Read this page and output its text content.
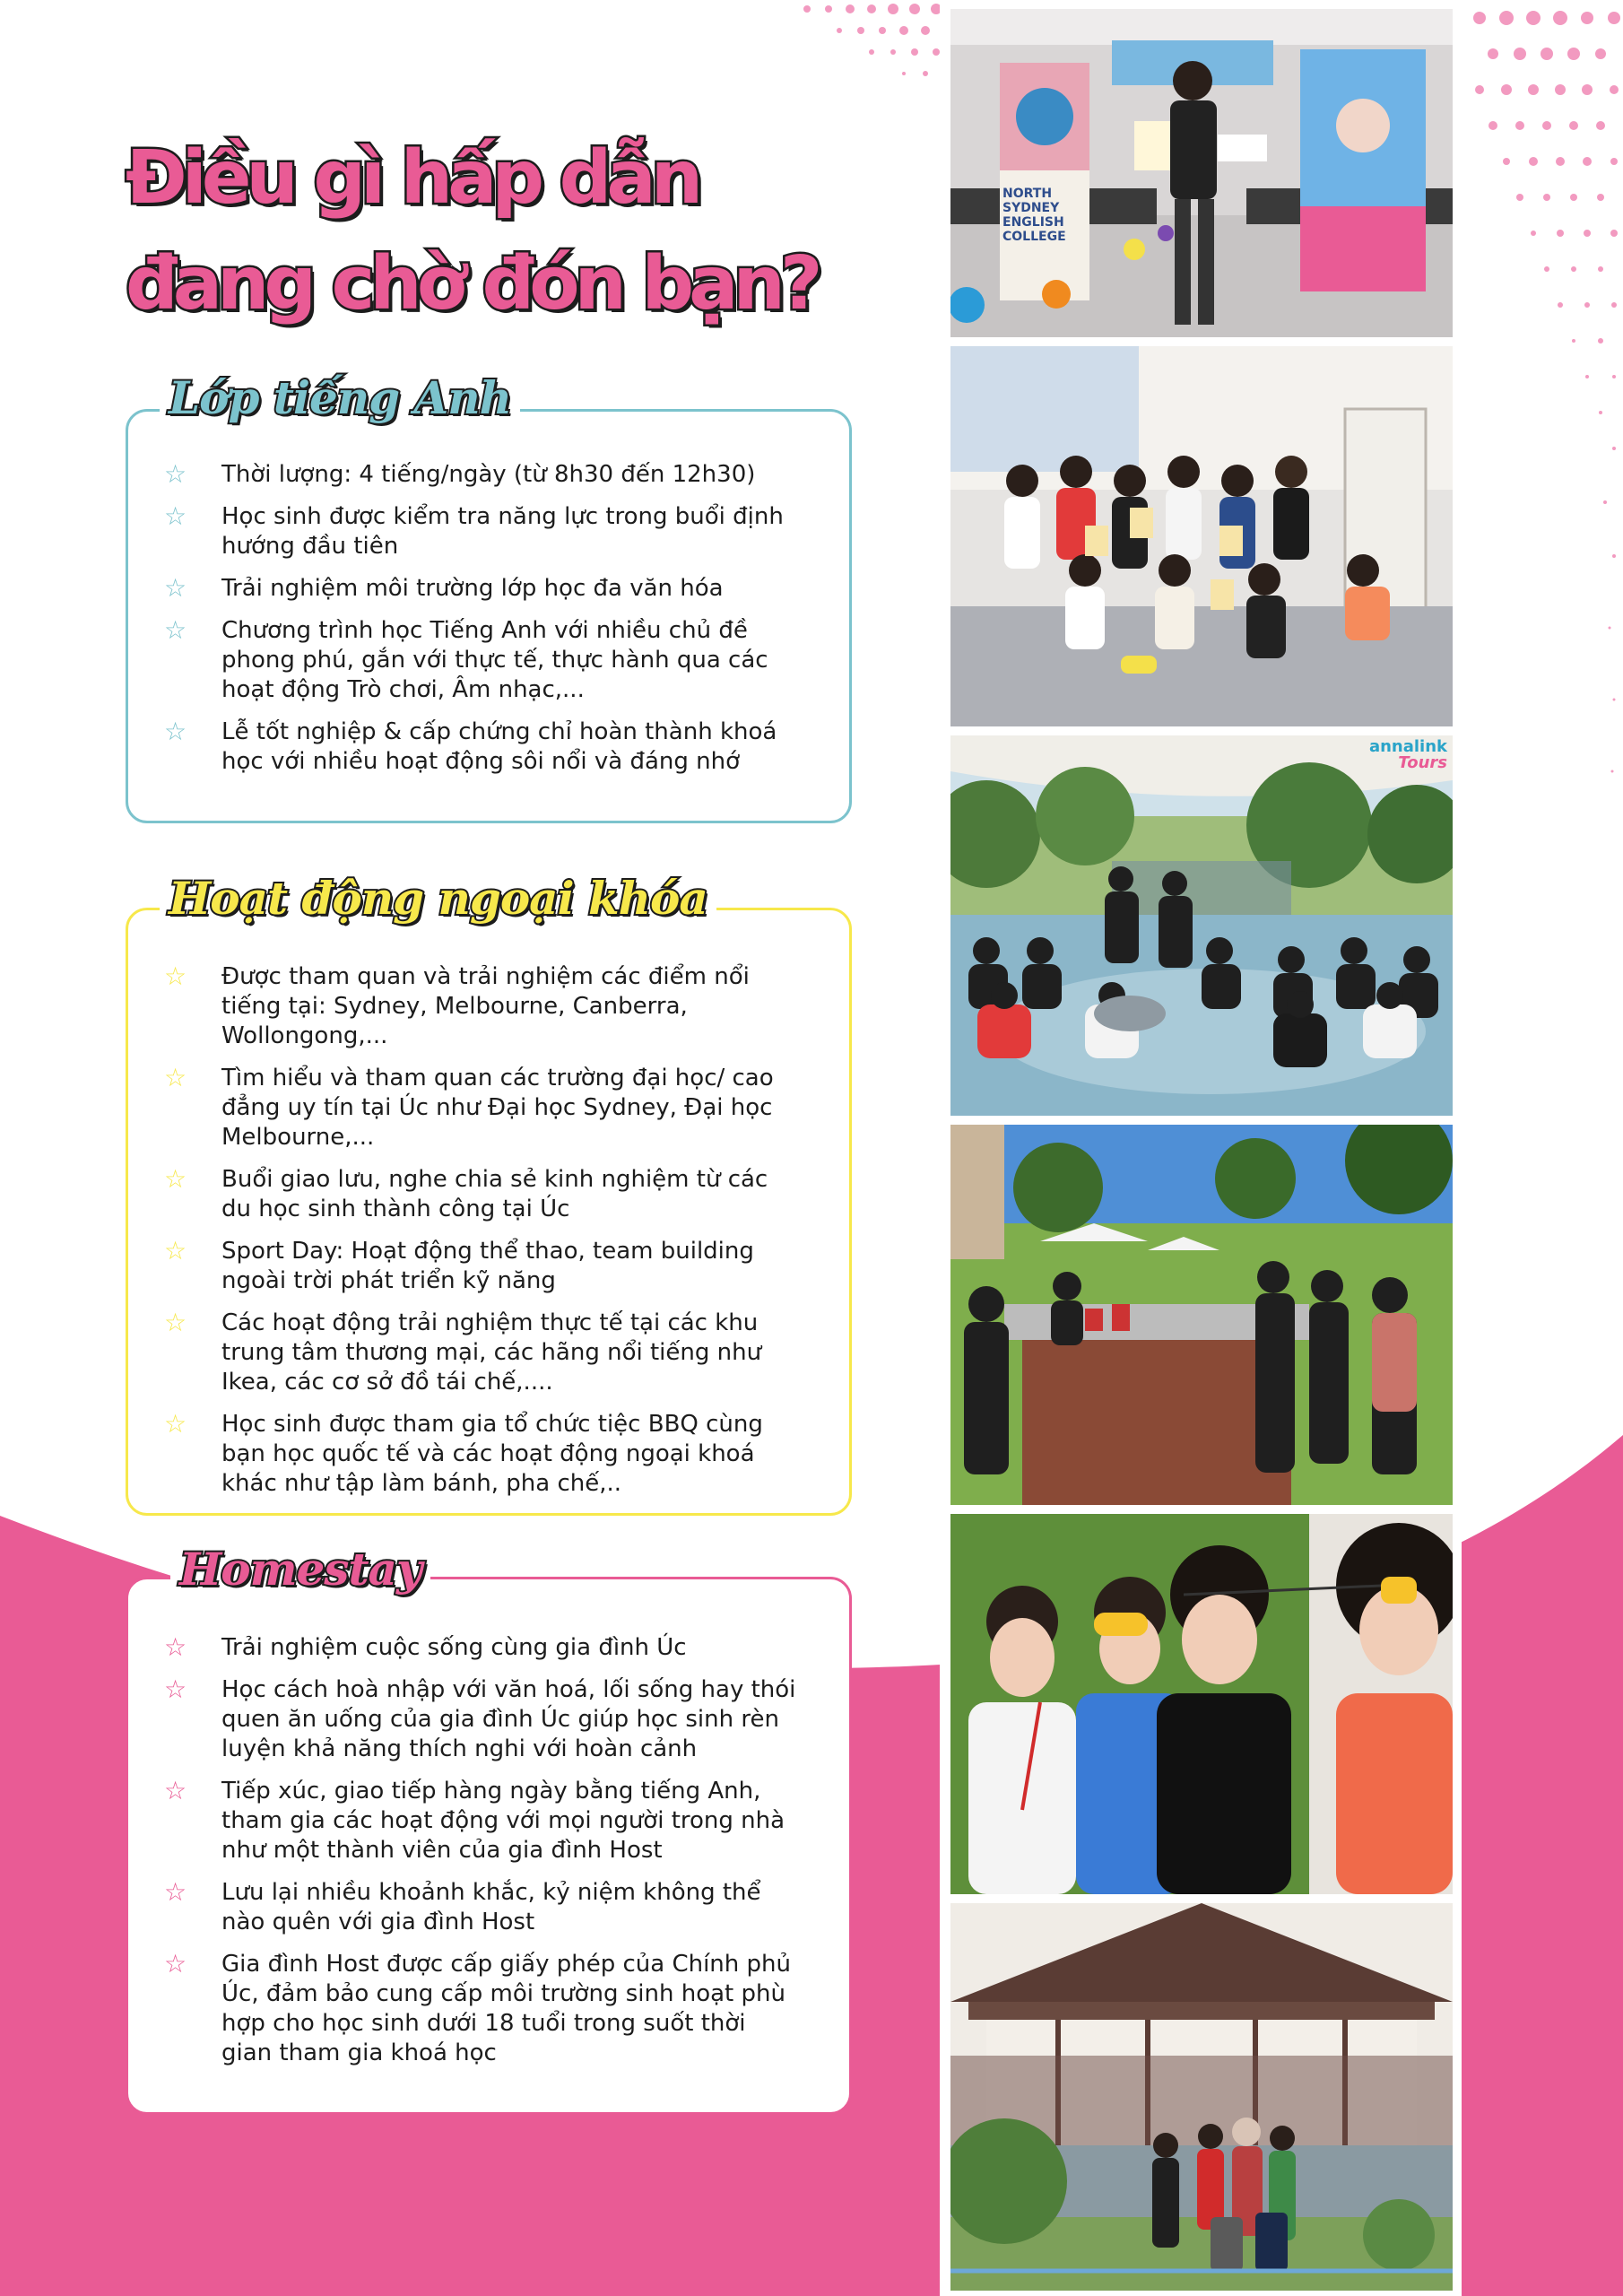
Điều gì hấp dẫn
đang chờ đón bạn?
Lớp tiếng Anh
☆ Thời lượng: 4 tiếng/ngày (từ 8h30 đến 12h30)
☆ Học sinh được kiểm tra năng lực trong buổi định hướng đầu tiên
☆ Trải nghiệm môi trường lớp học đa văn hóa
☆ Chương trình học Tiếng Anh với nhiều chủ đề phong phú, gắn với thực tế, thực hành qua các hoạt động Trò chơi, Âm nhạc,...
☆ Lễ tốt nghiệp & cấp chứng chỉ hoàn thành khoá học với nhiều hoạt động sôi nổi và đáng nhớ
Hoạt động ngoại khóa
☆ Được tham quan và trải nghiệm các điểm nổi tiếng tại: Sydney, Melbourne, Canberra, Wollongong,...
☆ Tìm hiểu và tham quan các trường đại học/ cao đẳng uy tín tại Úc như Đại học Sydney, Đại học Melbourne,...
☆ Buổi giao lưu, nghe chia sẻ kinh nghiệm từ các du học sinh thành công tại Úc
☆ Sport Day: Hoạt động thể thao, team building ngoài trời phát triển kỹ năng
☆ Các hoạt động trải nghiệm thực tế tại các khu trung tâm thương mại, các hãng nổi tiếng như Ikea, các cơ sở đồ tái chế,....
☆ Học sinh được tham gia tổ chức tiệc BBQ cùng bạn học quốc tế và các hoạt động ngoại khoá khác như tập làm bánh, pha chế,..
Homestay
☆ Trải nghiệm cuộc sống cùng gia đình Úc
☆ Học cách hoà nhập với văn hoá, lối sống hay thói quen ăn uống của gia đình Úc giúp học sinh rèn luyện khả năng thích nghi với hoàn cảnh
☆ Tiếp xúc, giao tiếp hàng ngày bằng tiếng Anh, tham gia các hoạt động với mọi người trong nhà như một thành viên của gia đình Host
☆ Lưu lại nhiều khoảnh khắc, kỷ niệm không thể nào quên với gia đình Host
☆ Gia đình Host được cấp giấy phép của Chính phủ Úc, đảm bảo cung cấp môi trường sinh hoạt phù hợp cho học sinh dưới 18 tuổi trong suốt thời gian tham gia khoá học
NORTH SYDNEY ENGLISH COLLEGE
annalink
Tours
